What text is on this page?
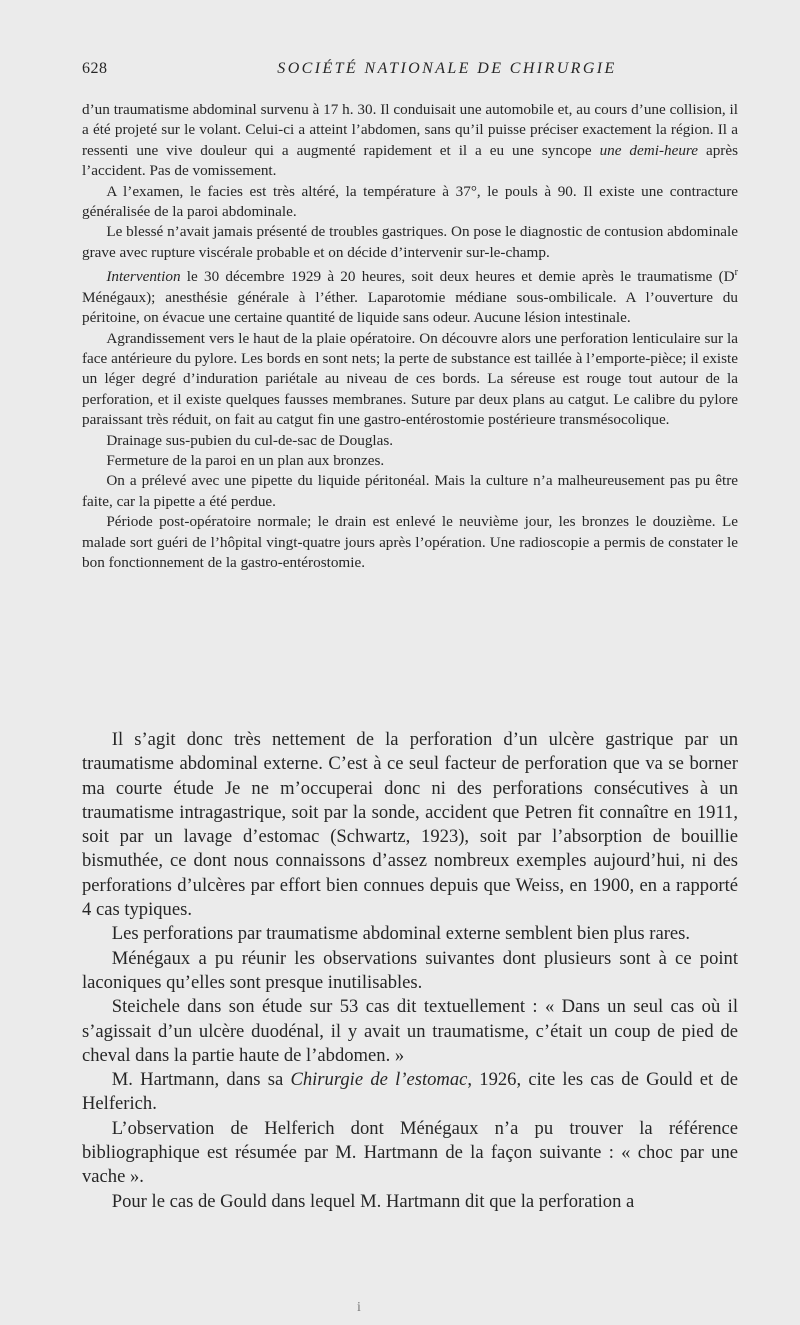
628	SOCIÉTÉ NATIONALE DE CHIRURGIE

d’un traumatisme abdominal survenu à 17 h. 30. Il conduisait une automobile et, au cours d’une collision, il a été projeté sur le volant. Celui-ci a atteint l’abdomen, sans qu’il puisse préciser exactement la région. Il a ressenti une vive douleur qui a augmenté rapidement et il a eu une syncope une demi-heure après l’accident. Pas de vomissement.

A l’examen, le facies est très altéré, la température à 37°, le pouls à 90. Il existe une contracture généralisée de la paroi abdominale.

Le blessé n’avait jamais présenté de troubles gastriques. On pose le diagnostic de contusion abdominale grave avec rupture viscérale probable et on décide d’intervenir sur-le-champ.

Intervention le 30 décembre 1929 à 20 heures, soit deux heures et demie après le traumatisme ($D^r$ Ménégaux); anesthésie générale à l’éther. Laparotomie médiane sous-ombilicale. A l’ouverture du péritoine, on évacue une certaine quantité de liquide sans odeur. Aucune lésion intestinale.

Agrandissement vers le haut de la plaie opératoire. On découvre alors une perforation lenticulaire sur la face antérieure du pylore. Les bords en sont nets; la perte de substance est taillée à l’emporte-pièce; il existe un léger degré d’induration pariétale au niveau de ces bords. La séreuse est rouge tout autour de la perforation, et il existe quelques fausses membranes. Suture par deux plans au catgut. Le calibre du pylore paraissant très réduit, on fait au catgut fin une gastro-entérostomie postérieure transmésocolique.

Drainage sus-pubien du cul-de-sac de Douglas.

Fermeture de la paroi en un plan aux bronzes.

On a prélevé avec une pipette du liquide péritonéal. Mais la culture n’a malheureusement pas pu être faite, car la pipette a été perdue.

Période post-opératoire normale; le drain est enlevé le neuvième jour, les bronzes le douzième. Le malade sort guéri de l’hôpital vingt-quatre jours après l’opération. Une radioscopie a permis de constater le bon fonctionnement de la gastro-entérostomie.

Il s’agit donc très nettement de la perforation d’un ulcère gastrique par un traumatisme abdominal externe. C’est à ce seul facteur de perforation que va se borner ma courte étude Je ne m’occuperai donc ni des perforations consécutives à un traumatisme intragastrique, soit par la sonde, accident que Petren fit connaître en 1911, soit par un lavage d’estomac (Schwartz, 1923), soit par l’absorption de bouillie bismuthée, ce dont nous connaissons d’assez nombreux exemples aujourd’hui, ni des perforations d’ulcères par effort bien connues depuis que Weiss, en 1900, en a rapporté 4 cas typiques.

Les perforations par traumatisme abdominal externe semblent bien plus rares.

Ménégaux a pu réunir les observations suivantes dont plusieurs sont à ce point laconiques qu’elles sont presque inutilisables.

Steichele dans son étude sur 53 cas dit textuellement : « Dans un seul cas où il s’agissait d’un ulcère duodénal, il y avait un traumatisme, c’était un coup de pied de cheval dans la partie haute de l’abdomen. »

M. Hartmann, dans sa Chirurgie de l’estomac, 1926, cite les cas de Gould et de Helferich.

L’observation de Helferich dont Ménégaux n’a pu trouver la référence bibliographique est résumée par M. Hartmann de la façon suivante : « choc par une vache ».

Pour le cas de Gould dans lequel M. Hartmann dit que la perforation a

i
